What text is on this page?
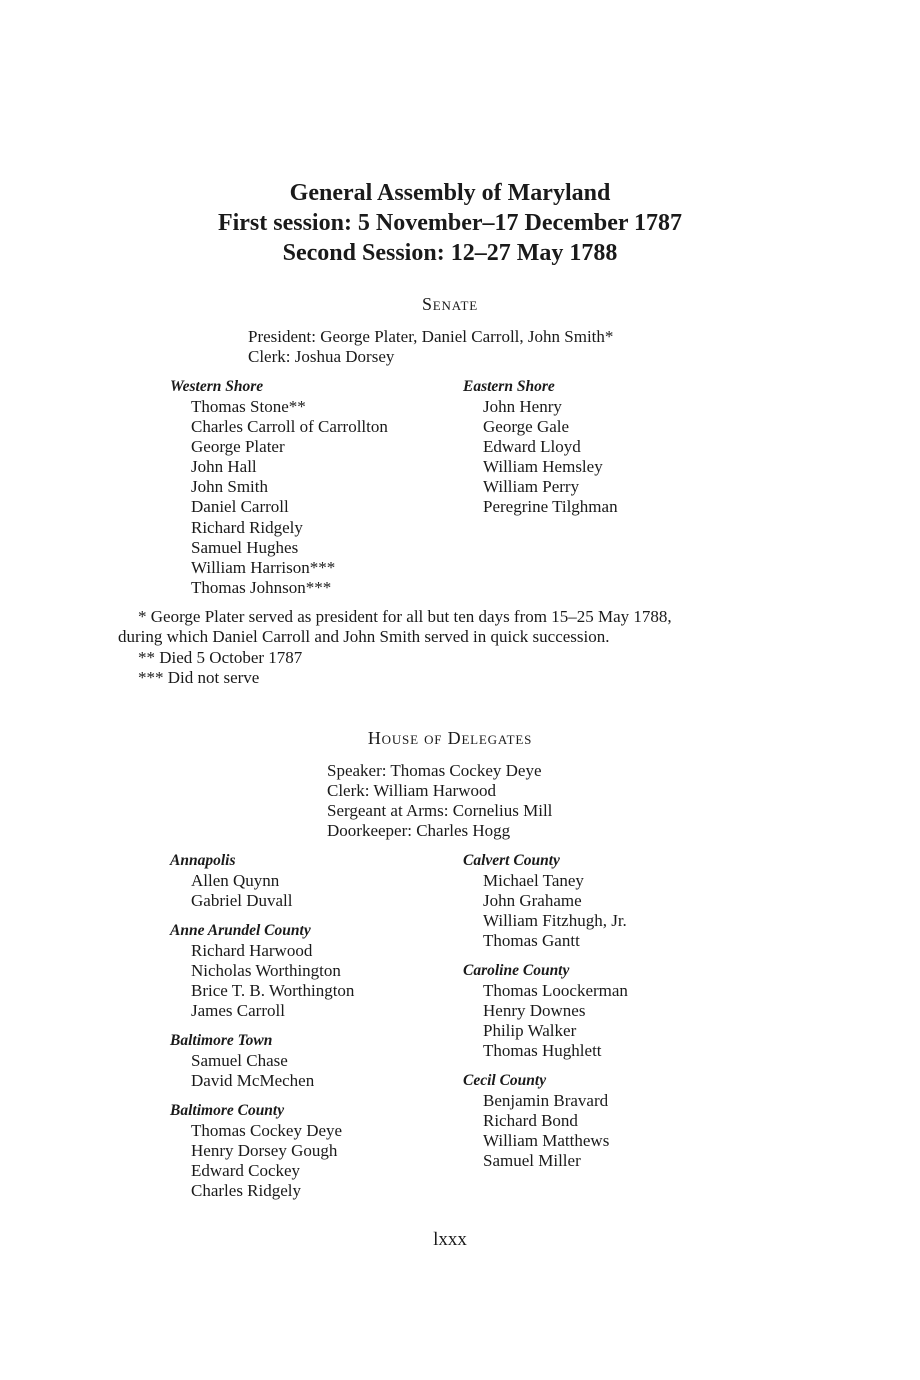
General Assembly of Maryland
First session: 5 November–17 December 1787
Second Session: 12–27 May 1788
Senate
President: George Plater, Daniel Carroll, John Smith*
Clerk: Joshua Dorsey
Western Shore
Thomas Stone**
Charles Carroll of Carrollton
George Plater
John Hall
John Smith
Daniel Carroll
Richard Ridgely
Samuel Hughes
William Harrison***
Thomas Johnson***
Eastern Shore
John Henry
George Gale
Edward Lloyd
William Hemsley
William Perry
Peregrine Tilghman
* George Plater served as president for all but ten days from 15–25 May 1788,
during which Daniel Carroll and John Smith served in quick succession.
** Died 5 October 1787
*** Did not serve
House of Delegates
Speaker: Thomas Cockey Deye
Clerk: William Harwood
Sergeant at Arms: Cornelius Mill
Doorkeeper: Charles Hogg
Annapolis
Allen Quynn
Gabriel Duvall
Anne Arundel County
Richard Harwood
Nicholas Worthington
Brice T. B. Worthington
James Carroll
Baltimore Town
Samuel Chase
David McMechen
Baltimore County
Thomas Cockey Deye
Henry Dorsey Gough
Edward Cockey
Charles Ridgely
Calvert County
Michael Taney
John Grahame
William Fitzhugh, Jr.
Thomas Gantt
Caroline County
Thomas Loockerman
Henry Downes
Philip Walker
Thomas Hughlett
Cecil County
Benjamin Bravard
Richard Bond
William Matthews
Samuel Miller
lxxx
